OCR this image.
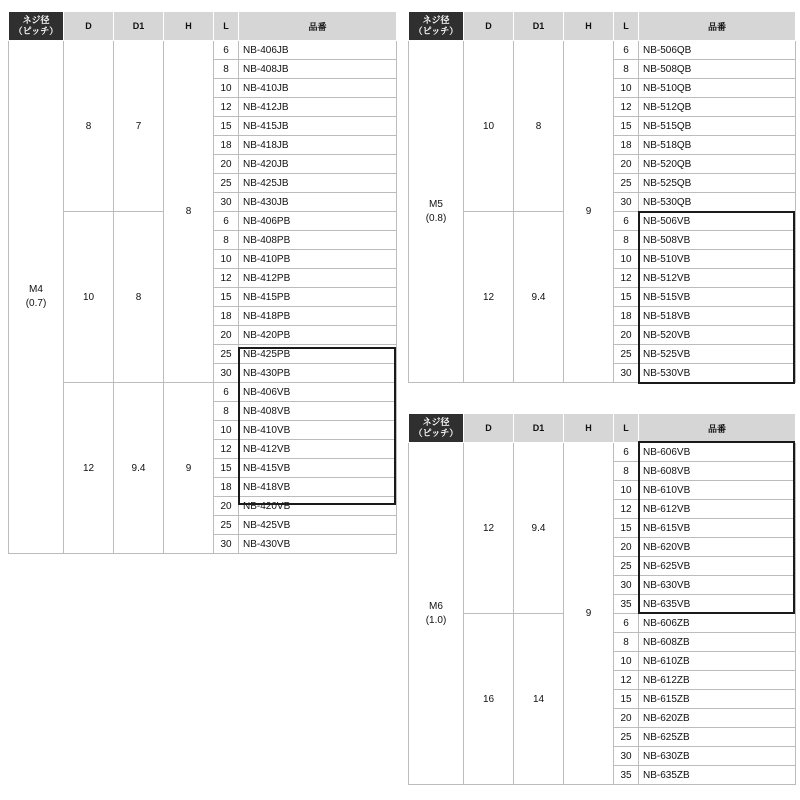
ネジ径
（ピッチ）	D	D1	H	L	品番

M4
(0.7)	8	7	8	6	NB-406JB
				8	NB-408JB
				10	NB-410JB
				12	NB-412JB
				15	NB-415JB
				18	NB-418JB
				20	NB-420JB
				25	NB-425JB
				30	NB-430JB
	10	8		6	NB-406PB
				8	NB-408PB
				10	NB-410PB
				12	NB-412PB
				15	NB-415PB
				18	NB-418PB
				20	NB-420PB
				25	NB-425PB
				30	NB-430PB
	12	9.4	9	6	NB-406VB
				8	NB-408VB
				10	NB-410VB
				12	NB-412VB
				15	NB-415VB
				18	NB-418VB
				20	NB-420VB
				25	NB-425VB
				30	NB-430VB
ネジ径
（ピッチ）	D	D1	H	L	品番

M5
(0.8)	10	8	9	6	NB-506QB
				8	NB-508QB
				10	NB-510QB
				12	NB-512QB
				15	NB-515QB
				18	NB-518QB
				20	NB-520QB
				25	NB-525QB
				30	NB-530QB
	12	9.4		6	NB-506VB
				8	NB-508VB
				10	NB-510VB
				12	NB-512VB
				15	NB-515VB
				18	NB-518VB
				20	NB-520VB
				25	NB-525VB
				30	NB-530VB
ネジ径
（ピッチ）	D	D1	H	L	品番

M6
(1.0)	12	9.4	9	6	NB-606VB
				8	NB-608VB
				10	NB-610VB
				12	NB-612VB
				15	NB-615VB
				20	NB-620VB
				25	NB-625VB
				30	NB-630VB
				35	NB-635VB
	16	14		6	NB-606ZB
				8	NB-608ZB
				10	NB-610ZB
				12	NB-612ZB
				15	NB-615ZB
				20	NB-620ZB
				25	NB-625ZB
				30	NB-630ZB
				35	NB-635ZB
